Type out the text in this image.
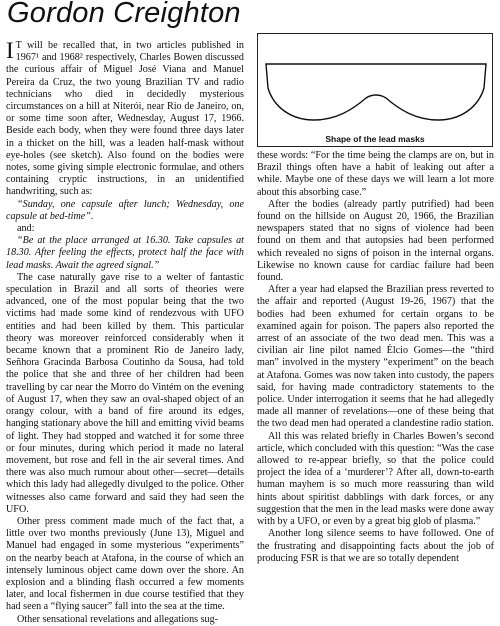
Gordon Creighton
Shape of the lead masks

I T will be recalled that, in two articles published in 1967¹ and 1968² respectively, Charles Bowen discussed the curious affair of Miguel José Viana and Manuel Pereira da Cruz, the two young Brazilian TV and radio technicians who died in decidedly mysterious circumstances on a hill at Niterói, near Rio de Janeiro, on, or some time soon after, Wednesday, August 17, 1966. Beside each body, when they were found three days later in a thicket on the hill, was a leaden half-mask without eye-holes (see sketch). Also found on the bodies were notes, some giving simple electronic formulae, and others containing cryptic instructions, in an unidentified handwriting, such as:

“Sunday, one capsule after lunch; Wednesday, one capsule at bed-time”.

and:

“Be at the place arranged at 16.30. Take capsules at 18.30. After feeling the effects, protect half the face with lead masks. Await the agreed signal.”

The case naturally gave rise to a welter of fantastic speculation in Brazil and all sorts of theories were advanced, one of the most popular being that the two victims had made some kind of rendezvous with UFO entities and had been killed by them. This particular theory was moreover reinforced considerably when it became known that a prominent Rio de Janeiro lady, Señhora Gracinda Barbosa Coutinho da Sousa, had told the police that she and three of her children had been travelling by car near the Morro do Vintém on the evening of August 17, when they saw an oval-shaped object of an orangy colour, with a band of fire around its edges, hanging stationary above the hill and emitting vivid beams of light. They had stopped and watched it for some three or four minutes, during which period it made no lateral movement, but rose and fell in the air several times. And there was also much rumour about other—secret—details which this lady had allegedly divulged to the police. Other witnesses also came forward and said they had seen the UFO.

Other press comment made much of the fact that, a little over two months previously (June 13), Miguel and Manuel had engaged in some mysterious “experiments” on the nearby beach at Atafona, in the course of which an intensely luminous object came down over the shore. An explosion and a blinding flash occurred a few moments later, and local fishermen in due course testified that they had seen a “flying saucer” fall into the sea at the time.

Other sensational revelations and allegations sug-

these words: “For the time being the clamps are on, but in Brazil things often have a habit of leaking out after a while. Maybe one of these days we will learn a lot more about this absorbing case.”

After the bodies (already partly putrified) had been found on the hillside on August 20, 1966, the Brazilian newspapers stated that no signs of violence had been found on them and that autopsies had been performed which revealed no signs of poison in the internal organs. Likewise no known cause for cardiac failure had been found.

After a year had elapsed the Brazilian press reverted to the affair and reported (August 19-26, 1967) that the bodies had been exhumed for certain organs to be examined again for poison. The papers also reported the arrest of an associate of the two dead men. This was a civilian air line pilot named Élcio Gomes—the “third man” involved in the mystery “experiment” on the beach at Atafona. Gomes was now taken into custody, the papers said, for having made contradictory statements to the police. Under interrogation it seems that he had allegedly made all manner of revelations—one of these being that the two dead men had operated a clandestine radio station.

All this was related briefly in Charles Bowen’s second article, which concluded with this question: “Was the case allowed to re-appear briefly, so that the police could project the idea of a ‘murderer’? After all, down-to-earth human mayhem is so much more reassuring than wild hints about spiritist dabblings with dark forces, or any suggestion that the men in the lead masks were done away with by a UFO, or even by a great big glob of plasma.”

Another long silence seems to have followed. One of the frustrating and disappointing facts about the job of producing FSR is that we are so totally dependent
